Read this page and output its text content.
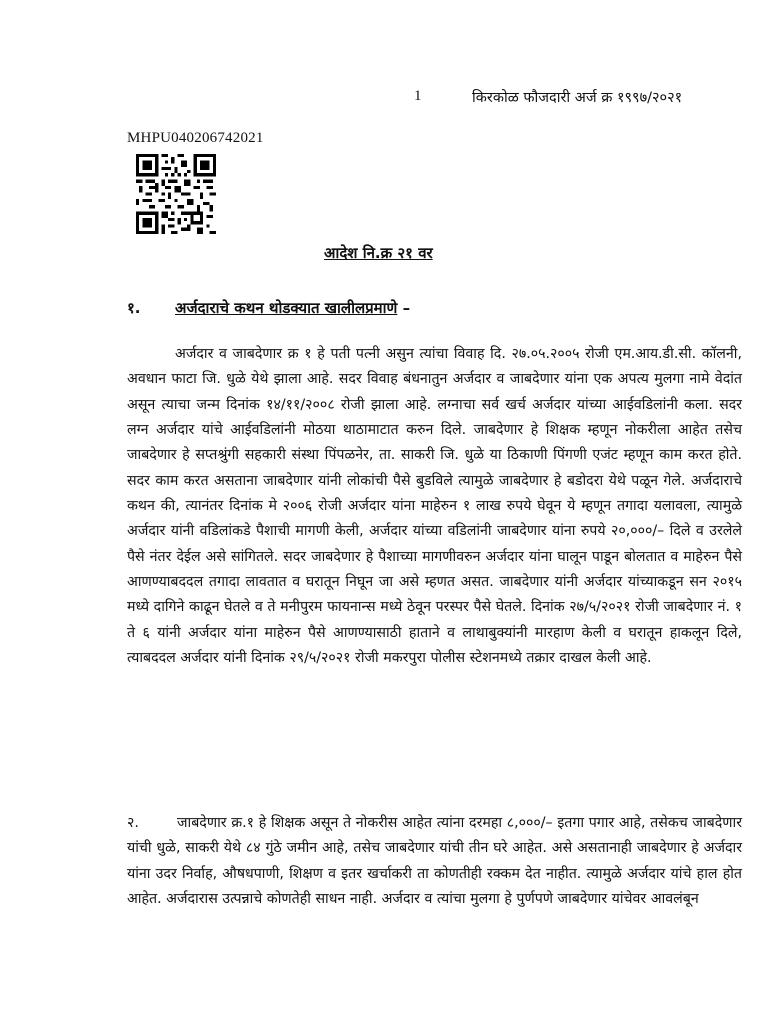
1	किरकोळ फौजदारी अर्ज क्र १९९७/२०२१
MHPU040206742021
आदेश नि.क्र २१ वर
१. अर्जदाराचे कथन थोडक्यात खालीलप्रमाणे –

अर्जदार व जाबदेणार क्र १ हे पती पत्नी असुन त्यांचा विवाह दि. २७.०५.२००५ रोजी एम.आय.डी.सी. कॉलनी, अवधान फाटा जि. धुळे येथे झाला आहे. सदर विवाह बंधनातुन अर्जदार व जाबदेणार यांना एक अपत्य मुलगा नामे वेदांत असून त्याचा जन्म दिनांक १४/११/२००८ रोजी झाला आहे. लग्नाचा सर्व खर्च अर्जदार यांच्या आईवडिलांनी कला. सदर लग्न अर्जदार यांचे आईवडिलांनी मोठया थाठामाटात करुन दिले. जाबदेणार हे शिक्षक म्हणून नोकरीला आहेत तसेच जाबदेणार हे सप्तश्रुंगी सहकारी संस्था पिंपळनेर, ता. साकरी जि. धुळे या ठिकाणी पिंगणी एजंट म्हणून काम करत होते. सदर काम करत असताना जाबदेणार यांनी लोकांची पैसे बुडविले त्यामुळे जाबदेणार हे बडोदरा येथे पळून गेले. अर्जदाराचे कथन की, त्यानंतर दिनांक मे २००६ रोजी अर्जदार यांना माहेरुन १ लाख रुपये घेवून ये म्हणून तगादा यलावला, त्यामुळे अर्जदार यांनी वडिलांकडे पैशाची मागणी केली, अर्जदार यांच्या वडिलांनी जाबदेणार यांना रुपये २०,०००/– दिले व उरलेले पैसे नंतर देईल असे सांगितले. सदर जाबदेणार हे पैशाच्या मागणीवरुन अर्जदार यांना घालून पाडून बोलतात व माहेरुन पैसे आणण्याबददल तगादा लावतात व घरातून निघून जा असे म्हणत असत. जाबदेणार यांनी अर्जदार यांच्याकडून सन २०१५ मध्ये दागिने काढून घेतले व ते मनीपुरम फायनान्स मध्ये ठेवून परस्पर पैसे घेतले. दिनांक २७/५/२०२१ रोजी जाबदेणार नं. १ ते ६ यांनी अर्जदार यांना माहेरुन पैसे आणण्यासाठी हाताने व लाथाबुक्यांनी मारहाण केली व घरातून हाकलून दिले, त्याबददल अर्जदार यांनी दिनांक २९/५/२०२१ रोजी मकरपुरा पोलीस स्टेशनमध्ये तक्रार दाखल केली आहे.

२.	जाबदेणार क्र.१ हे शिक्षक असून ते नोकरीस आहेत त्यांना दरमहा ८,०००/– इतगा पगार आहे, तसेकच जाबदेणार यांची धुळे, साकरी येथे ८४ गुंठे जमीन आहे, तसेच जाबदेणार यांची तीन घरे आहेत. असे असतानाही जाबदेणार हे अर्जदार यांना उदर निर्वाह, औषधपाणी, शिक्षण व इतर खर्चाकरी ता कोणतीही रक्कम देत नाहीत. त्यामुळे अर्जदार यांचे हाल होत आहेत. अर्जदारास उत्पन्नाचे कोणतेही साधन नाही. अर्जदार व त्यांचा मुलगा हे पुर्णपणे जाबदेणार यांचेवर आवलंबून
